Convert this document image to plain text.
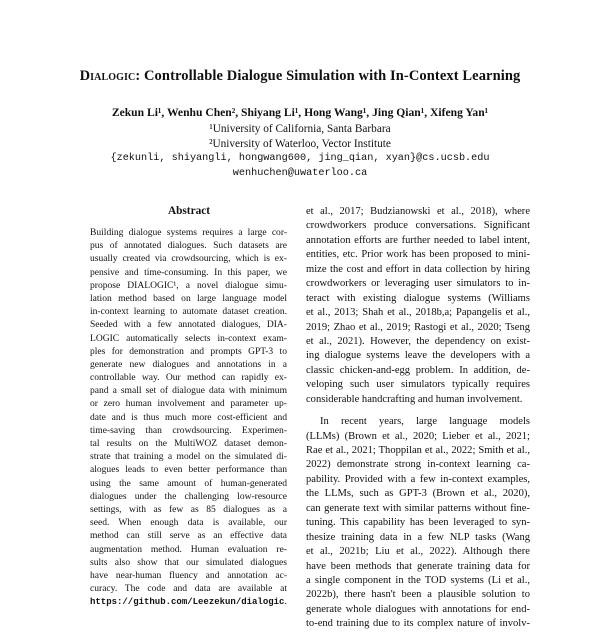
Dialogic: Controllable Dialogue Simulation with In-Context Learning
Zekun Li¹, Wenhu Chen², Shiyang Li¹, Hong Wang¹, Jing Qian¹, Xifeng Yan¹
¹University of California, Santa Barbara
²University of Waterloo, Vector Institute
{zekunli, shiyangli, hongwang600, jing_qian, xyan}@cs.ucsb.edu
wenhuchen@uwaterloo.ca
Abstract
Building dialogue systems requires a large cor-
pus of annotated dialogues. Such datasets are
usually created via crowdsourcing, which is ex-
pensive and time-consuming. In this paper, we
propose DIALOGIC¹, a novel dialogue simu-
lation method based on large language model
in-context learning to automate dataset creation.
Seeded with a few annotated dialogues, DIA-
LOGIC automatically selects in-context exam-
ples for demonstration and prompts GPT-3 to
generate new dialogues and annotations in a
controllable way. Our method can rapidly ex-
pand a small set of dialogue data with minimum
or zero human involvement and parameter up-
date and is thus much more cost-efficient and
time-saving than crowdsourcing. Experimen-
tal results on the MultiWOZ dataset demon-
strate that training a model on the simulated di-
alogues leads to even better performance than
using the same amount of human-generated
dialogues under the challenging low-resource
settings, with as few as 85 dialogues as a
seed. When enough data is available, our
method can still serve as an effective data
augmentation method. Human evaluation re-
sults also show that our simulated dialogues
have near-human fluency and annotation ac-
curacy. The code and data are available at
https://github.com/Leezekun/dialogic.
et al., 2017; Budzianowski et al., 2018), where
crowdworkers produce conversations. Significant
annotation efforts are further needed to label intent,
entities, etc. Prior work has been proposed to mini-
mize the cost and effort in data collection by hiring
crowdworkers or leveraging user simulators to in-
teract with existing dialogue systems (Williams
et al., 2013; Shah et al., 2018b,a; Papangelis et al.,
2019; Zhao et al., 2019; Rastogi et al., 2020; Tseng
et al., 2021). However, the dependency on exist-
ing dialogue systems leave the developers with a
classic chicken-and-egg problem. In addition, de-
veloping such user simulators typically requires
considerable handcrafting and human involvement.
In recent years, large language models
(LLMs) (Brown et al., 2020; Lieber et al., 2021;
Rae et al., 2021; Thoppilan et al., 2022; Smith et al.,
2022) demonstrate strong in-context learning ca-
pability. Provided with a few in-context examples,
the LLMs, such as GPT-3 (Brown et al., 2020),
can generate text with similar patterns without fine-
tuning. This capability has been leveraged to syn-
thesize training data in a few NLP tasks (Wang
et al., 2021b; Liu et al., 2022). Although there
have been methods that generate training data for
a single component in the TOD systems (Li et al.,
2022b), there hasn't been a plausible solution to
generate whole dialogues with annotations for end-
to-end training due to its complex nature of involv-
